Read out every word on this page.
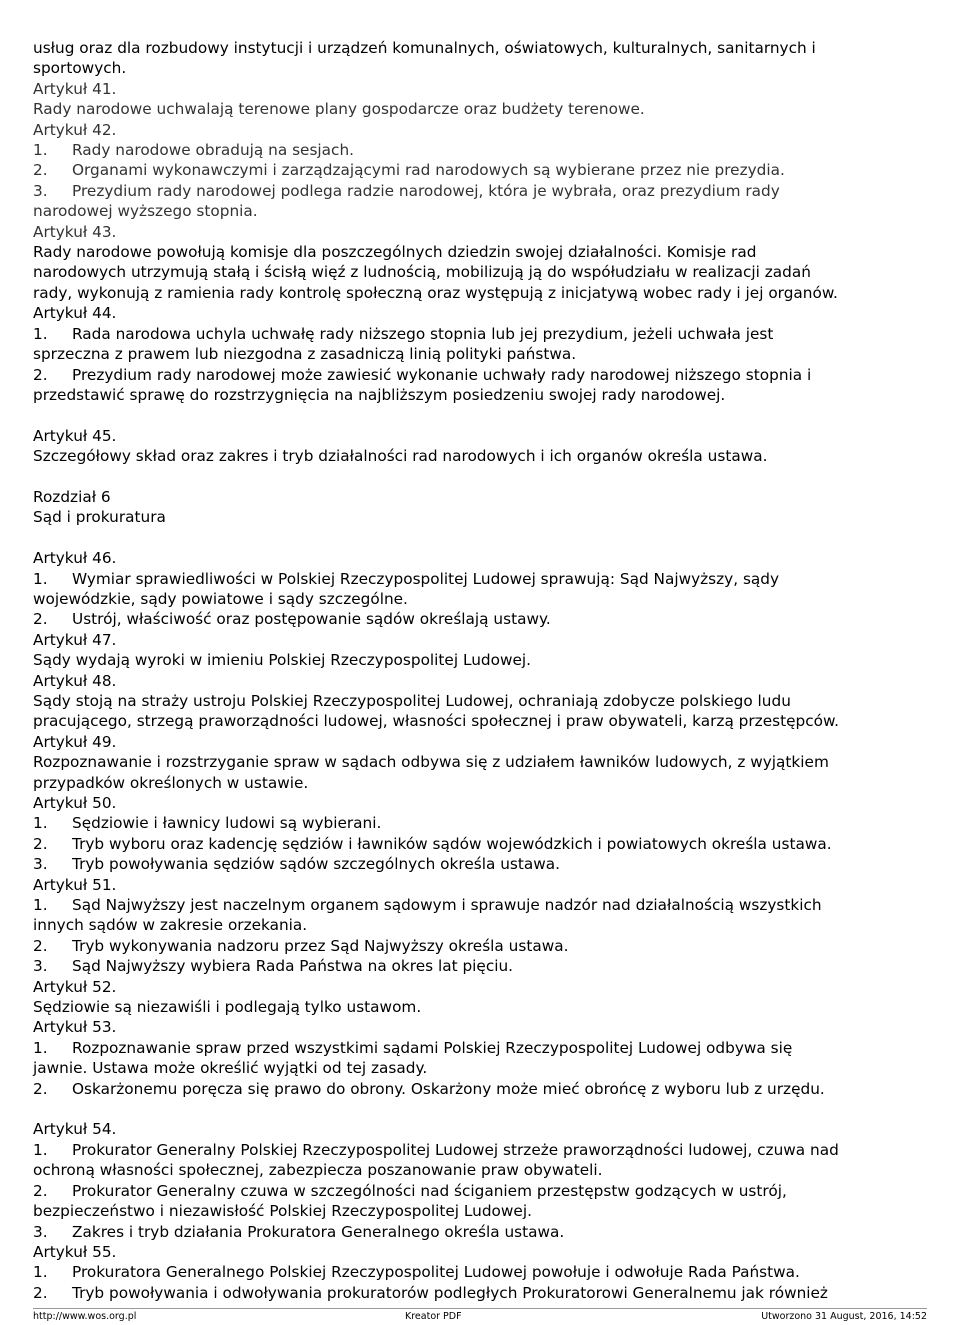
usług oraz dla rozbudowy instytucji i urządzeń komunalnych, oświatowych, kulturalnych, sanitarnych i
sportowych.
Artykuł 41.
Rady narodowe uchwalają terenowe plany gospodarcze oraz budżety terenowe.
Artykuł 42.
1. Rady narodowe obradują na sesjach.
2. Organami wykonawczymi i zarządzającymi rad narodowych są wybierane przez nie prezydia.
3. Prezydium rady narodowej podlega radzie narodowej, która je wybrała, oraz prezydium rady
narodowej wyższego stopnia.
Artykuł 43.
Rady narodowe powołują komisje dla poszczególnych dziedzin swojej działalności. Komisje rad
narodowych utrzymują stałą i ścisłą więź z ludnością, mobilizują ją do współudziału w realizacji zadań
rady, wykonują z ramienia rady kontrolę społeczną oraz występują z inicjatywą wobec rady i jej organów.
Artykuł 44.
1. Rada narodowa uchyla uchwałę rady niższego stopnia lub jej prezydium, jeżeli uchwała jest
sprzeczna z prawem lub niezgodna z zasadniczą linią polityki państwa.
2. Prezydium rady narodowej może zawiesić wykonanie uchwały rady narodowej niższego stopnia i
przedstawić sprawę do rozstrzygnięcia na najbliższym posiedzeniu swojej rady narodowej.
Artykuł 45.
Szczegółowy skład oraz zakres i tryb działalności rad narodowych i ich organów określa ustawa.
Rozdział 6
Sąd i prokuratura
Artykuł 46.
1. Wymiar sprawiedliwości w Polskiej Rzeczypospolitej Ludowej sprawują: Sąd Najwyższy, sądy
wojewódzkie, sądy powiatowe i sądy szczególne.
2. Ustrój, właściwość oraz postępowanie sądów określają ustawy.
Artykuł 47.
Sądy wydają wyroki w imieniu Polskiej Rzeczypospolitej Ludowej.
Artykuł 48.
Sądy stoją na straży ustroju Polskiej Rzeczypospolitej Ludowej, ochraniają zdobycze polskiego ludu
pracującego, strzegą praworządności ludowej, własności społecznej i praw obywateli, karzą przestępców.
Artykuł 49.
Rozpoznawanie i rozstrzyganie spraw w sądach odbywa się z udziałem ławników ludowych, z wyjątkiem
przypadków określonych w ustawie.
Artykuł 50.
1. Sędziowie i ławnicy ludowi są wybierani.
2. Tryb wyboru oraz kadencję sędziów i ławników sądów wojewódzkich i powiatowych określa ustawa.
3. Tryb powoływania sędziów sądów szczególnych określa ustawa.
Artykuł 51.
1. Sąd Najwyższy jest naczelnym organem sądowym i sprawuje nadzór nad działalnością wszystkich
innych sądów w zakresie orzekania.
2. Tryb wykonywania nadzoru przez Sąd Najwyższy określa ustawa.
3. Sąd Najwyższy wybiera Rada Państwa na okres lat pięciu.
Artykuł 52.
Sędziowie są niezawiśli i podlegają tylko ustawom.
Artykuł 53.
1. Rozpoznawanie spraw przed wszystkimi sądami Polskiej Rzeczypospolitej Ludowej odbywa się
jawnie. Ustawa może określić wyjątki od tej zasady.
2. Oskarżonemu poręcza się prawo do obrony. Oskarżony może mieć obrońcę z wyboru lub z urzędu.
Artykuł 54.
1. Prokurator Generalny Polskiej Rzeczypospolitej Ludowej strzeże praworządności ludowej, czuwa nad
ochroną własności społecznej, zabezpiecza poszanowanie praw obywateli.
2. Prokurator Generalny czuwa w szczególności nad ściganiem przestępstw godzących w ustrój,
bezpieczeństwo i niezawisłość Polskiej Rzeczypospolitej Ludowej.
3. Zakres i tryb działania Prokuratora Generalnego określa ustawa.
Artykuł 55.
1. Prokuratora Generalnego Polskiej Rzeczypospolitej Ludowej powołuje i odwołuje Rada Państwa.
2. Tryb powoływania i odwoływania prokuratorów podległych Prokuratorowi Generalnemu jak również
http://www.wos.org.pl	Kreator PDF	Utworzono 31 August, 2016, 14:52
